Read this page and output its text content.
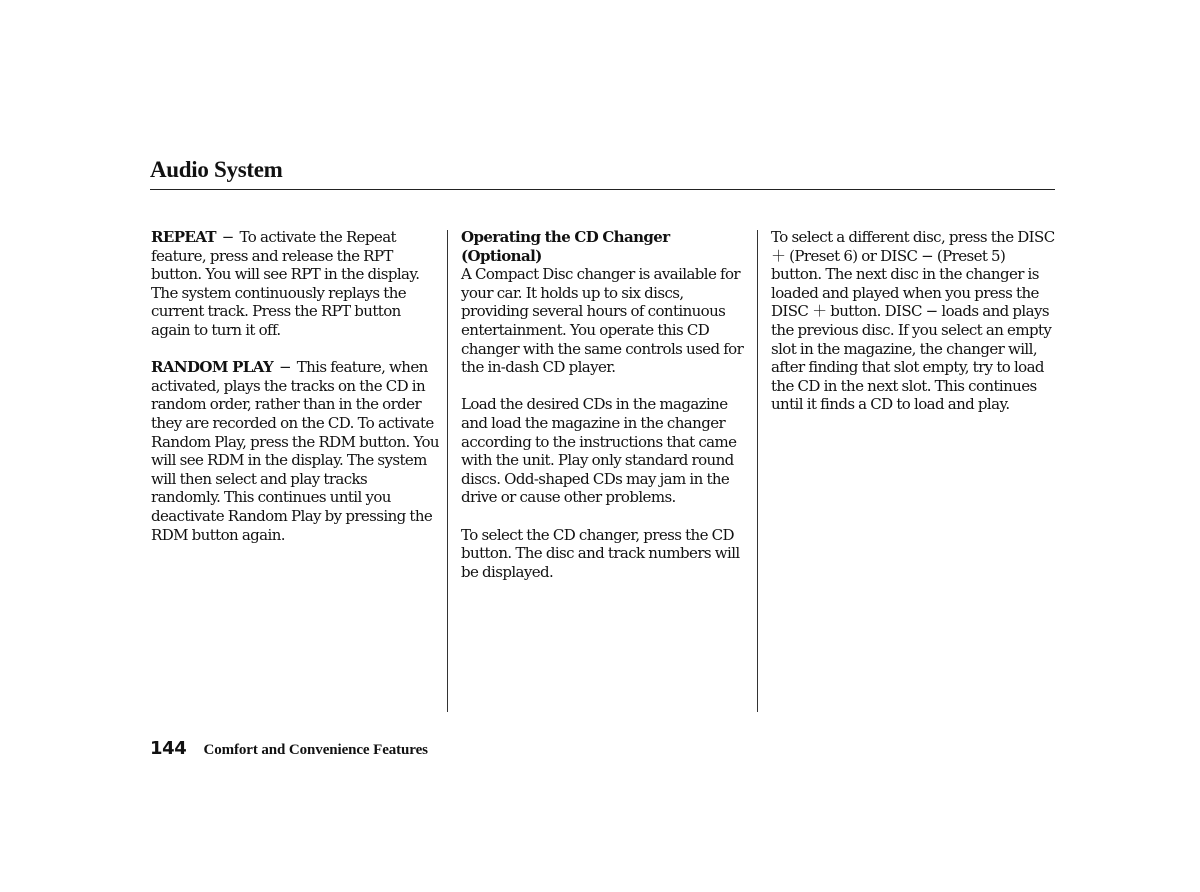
Audio System

REPEAT − To activate the Repeat feature, press and release the RPT button. You will see RPT in the display. The system continuously replays the current track. Press the RPT button again to turn it off.

RANDOM PLAY − This feature, when activated, plays the tracks on the CD in random order, rather than in the order they are recorded on the CD. To activate Random Play, press the RDM button. You will see RDM in the display. The system will then select and play tracks randomly. This continues until you deactivate Random Play by pressing the RDM button again.

Operating the CD Changer (Optional)
A Compact Disc changer is available for your car. It holds up to six discs, providing several hours of continuous entertainment. You operate this CD changer with the same controls used for the in-dash CD player.

Load the desired CDs in the magazine and load the magazine in the changer according to the instructions that came with the unit. Play only standard round discs. Odd-shaped CDs may jam in the drive or cause other problems.

To select the CD changer, press the CD button. The disc and track numbers will be displayed.

To select a different disc, press the DISC ＋ (Preset 6) or DISC − (Preset 5) button. The next disc in the changer is loaded and played when you press the DISC ＋ button. DISC − loads and plays the previous disc. If you select an empty slot in the magazine, the changer will, after finding that slot empty, try to load the CD in the next slot. This continues until it finds a CD to load and play.

144 Comfort and Convenience Features
